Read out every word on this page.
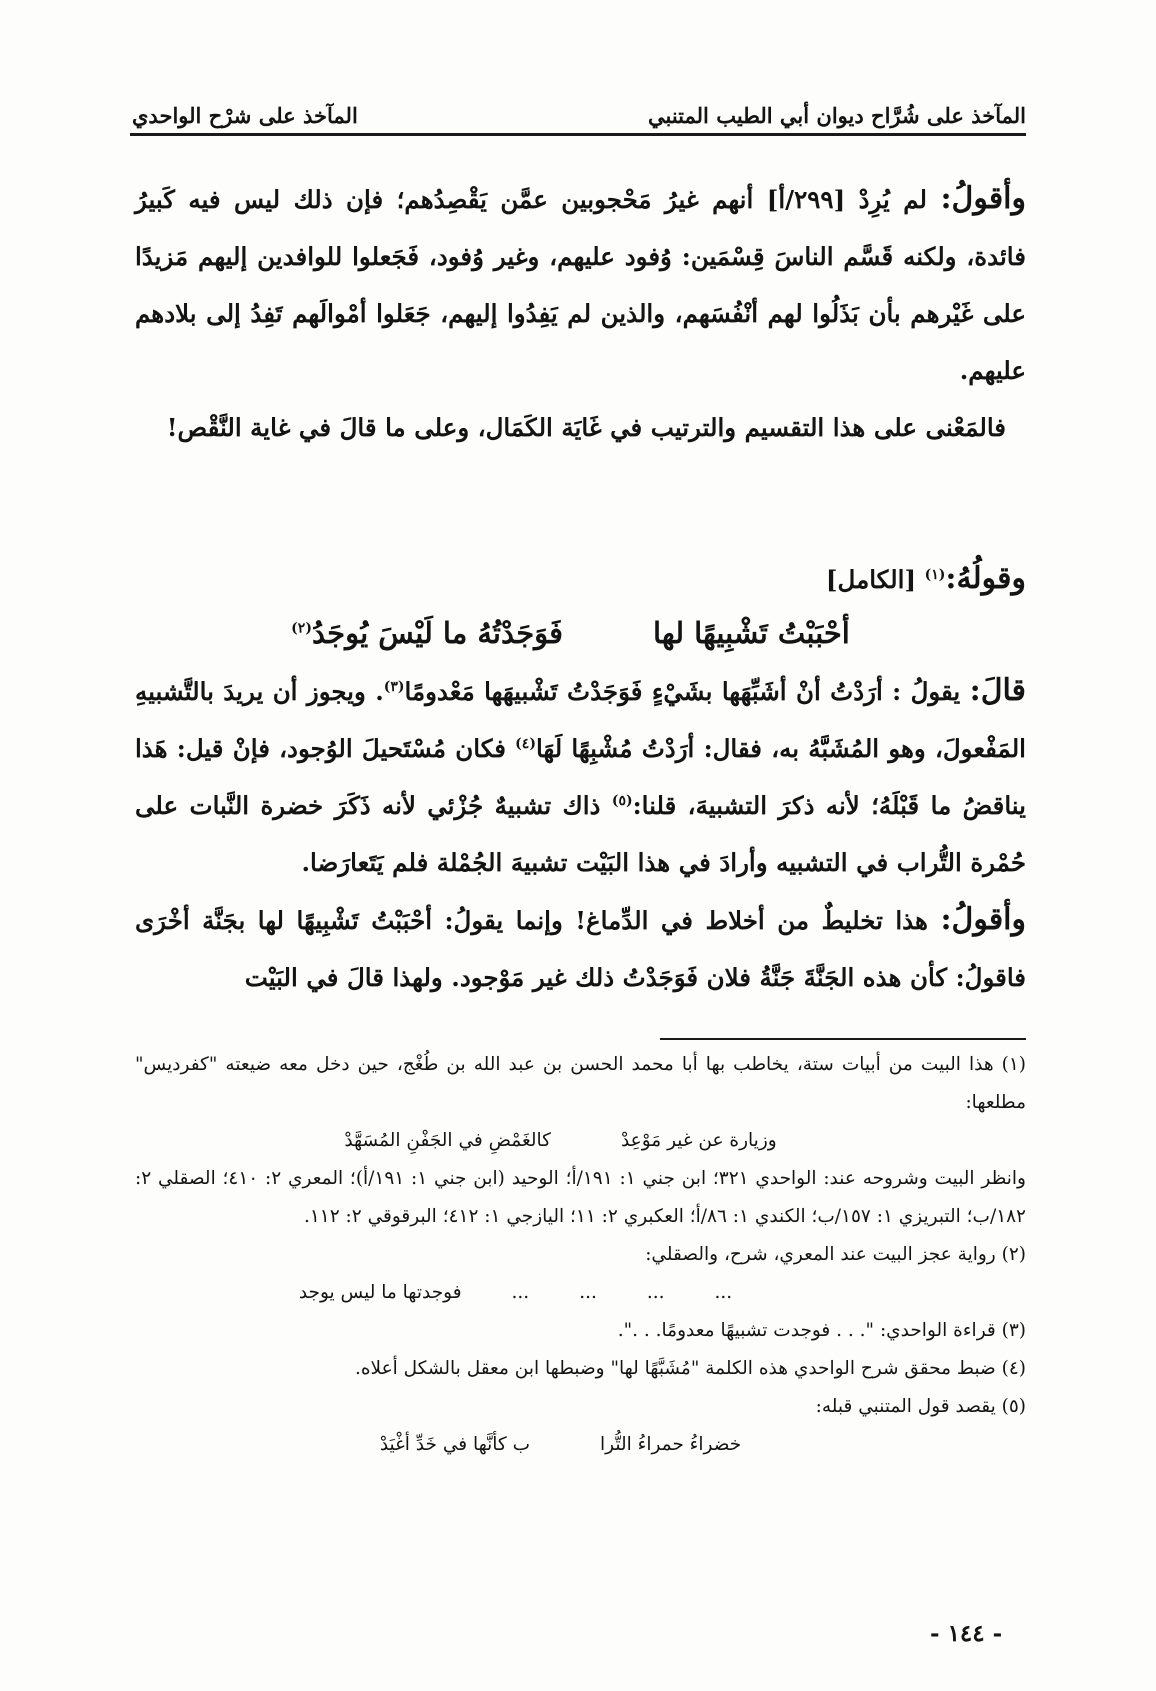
المآخذ على شُرَّاح ديوان أبي الطيب المتنبي
المآخذ على شرْح الواحدي

وأقولُ: لم يُرِدْ [٢٩٩/أ] أنهم غيرُ مَحْجوبين عمَّن يَقْصِدُهم؛ فإن ذلك ليس فيه كَبيرُ فائدة، ولكنه قَسَّم الناسَ قِسْمَين: وُفود عليهم، وغير وُفود، فَجَعلوا للوافدين إليهم مَزيدًا على غَيْرهم بأن بَذَلُوا لهم أنْفُسَهم، والذين لم يَفِدُوا إليهم، جَعَلوا أمْوالَهم تَفِدُ إلى بلادهم عليهم.

فالمَعْنى على هذا التقسيم والترتيب في غَايَة الكَمَال، وعلى ما قالَ في غاية النَّقْص!

وقولُهُ:$^{(١)}$ [الكامل]
أحْبَبْتُ تَشْبِيهًا لها
فَوَجَدْتُهُ ما لَيْسَ يُوجَدُ$^{(٢)}$

قالَ: يقولُ : أرَدْتُ أنْ أشَبِّهَها بشَيْءٍ فَوَجَدْتُ تَشْبيهَها مَعْدومًا$^{(٣)}$. ويجوز أن يريدَ بالتَّشبيهِ المَفْعولَ، وهو المُشَبَّهُ به، فقال: أرَدْتُ مُشْبِهًا لَهَا$^{(٤)}$ فكان مُسْتَحيلَ الوُجود، فإنْ قيل: هَذا يناقضُ ما قَبْلَهُ؛ لأنه ذكرَ التشبيهَ، قلنا:$^{(٥)}$ ذاك تشبيهٌ جُزْئي لأنه ذَكَرَ خضرة النَّبات على حُمْرة التُّراب في التشبيه وأرادَ في هذا البَيْت تشبيهَ الجُمْلة فلم يَتَعارَضا.

وأقولُ: هذا تخليطٌ من أخلاط في الدِّماغ! وإنما يقولُ: أحْبَبْتُ تَشْبِيهًا لها بجَنَّة أخْرَى فاقولُ: كأن هذه الجَنَّةَ جَنَّةُ فلان فَوَجَدْتُ ذلك غير مَوْجود. ولهذا قالَ في البَيْت

(١) هذا البيت من أبيات ستة، يخاطب بها أبا محمد الحسن بن عبد الله بن طُغْج، حين دخل معه ضيعته "كفرديس" مطلعها:

وزيارة عن غير مَوْعِدْ
كالغَمْضِ في الجَفْنِ المُسَهَّدْ

وانظر البيت وشروحه عند: الواحدي ٣٢١؛ ابن جني ١: ١٩١/أ؛ الوحيد (ابن جني ١: ١٩١/أ)؛ المعري ٢: ٤١٠؛ الصقلي ٢: ١٨٢/ب؛ التبريزي ١: ١٥٧/ب؛ الكندي ١: ٨٦/أ؛ العكبري ٢: ١١؛ اليازجي ١: ٤١٢؛ البرقوقي ٢: ١١٢.

(٢) رواية عجز البيت عند المعري، شرح، والصقلي:

...
...
...
...
فوجدتها ما ليس يوجد

(٣) قراءة الواحدي: ". . . فوجدت تشبيهًا معدومًا. . .".

(٤) ضبط محقق شرح الواحدي هذه الكلمة "مُشَبَّهًا لها" وضبطها ابن معقل بالشكل أعلاه.

(٥) يقصد قول المتنبي قبله:

خضراءُ حمراءُ التُّرا
ب كأنَّها في خَدِّ أغْيَدْ
- ١٤٤ -
